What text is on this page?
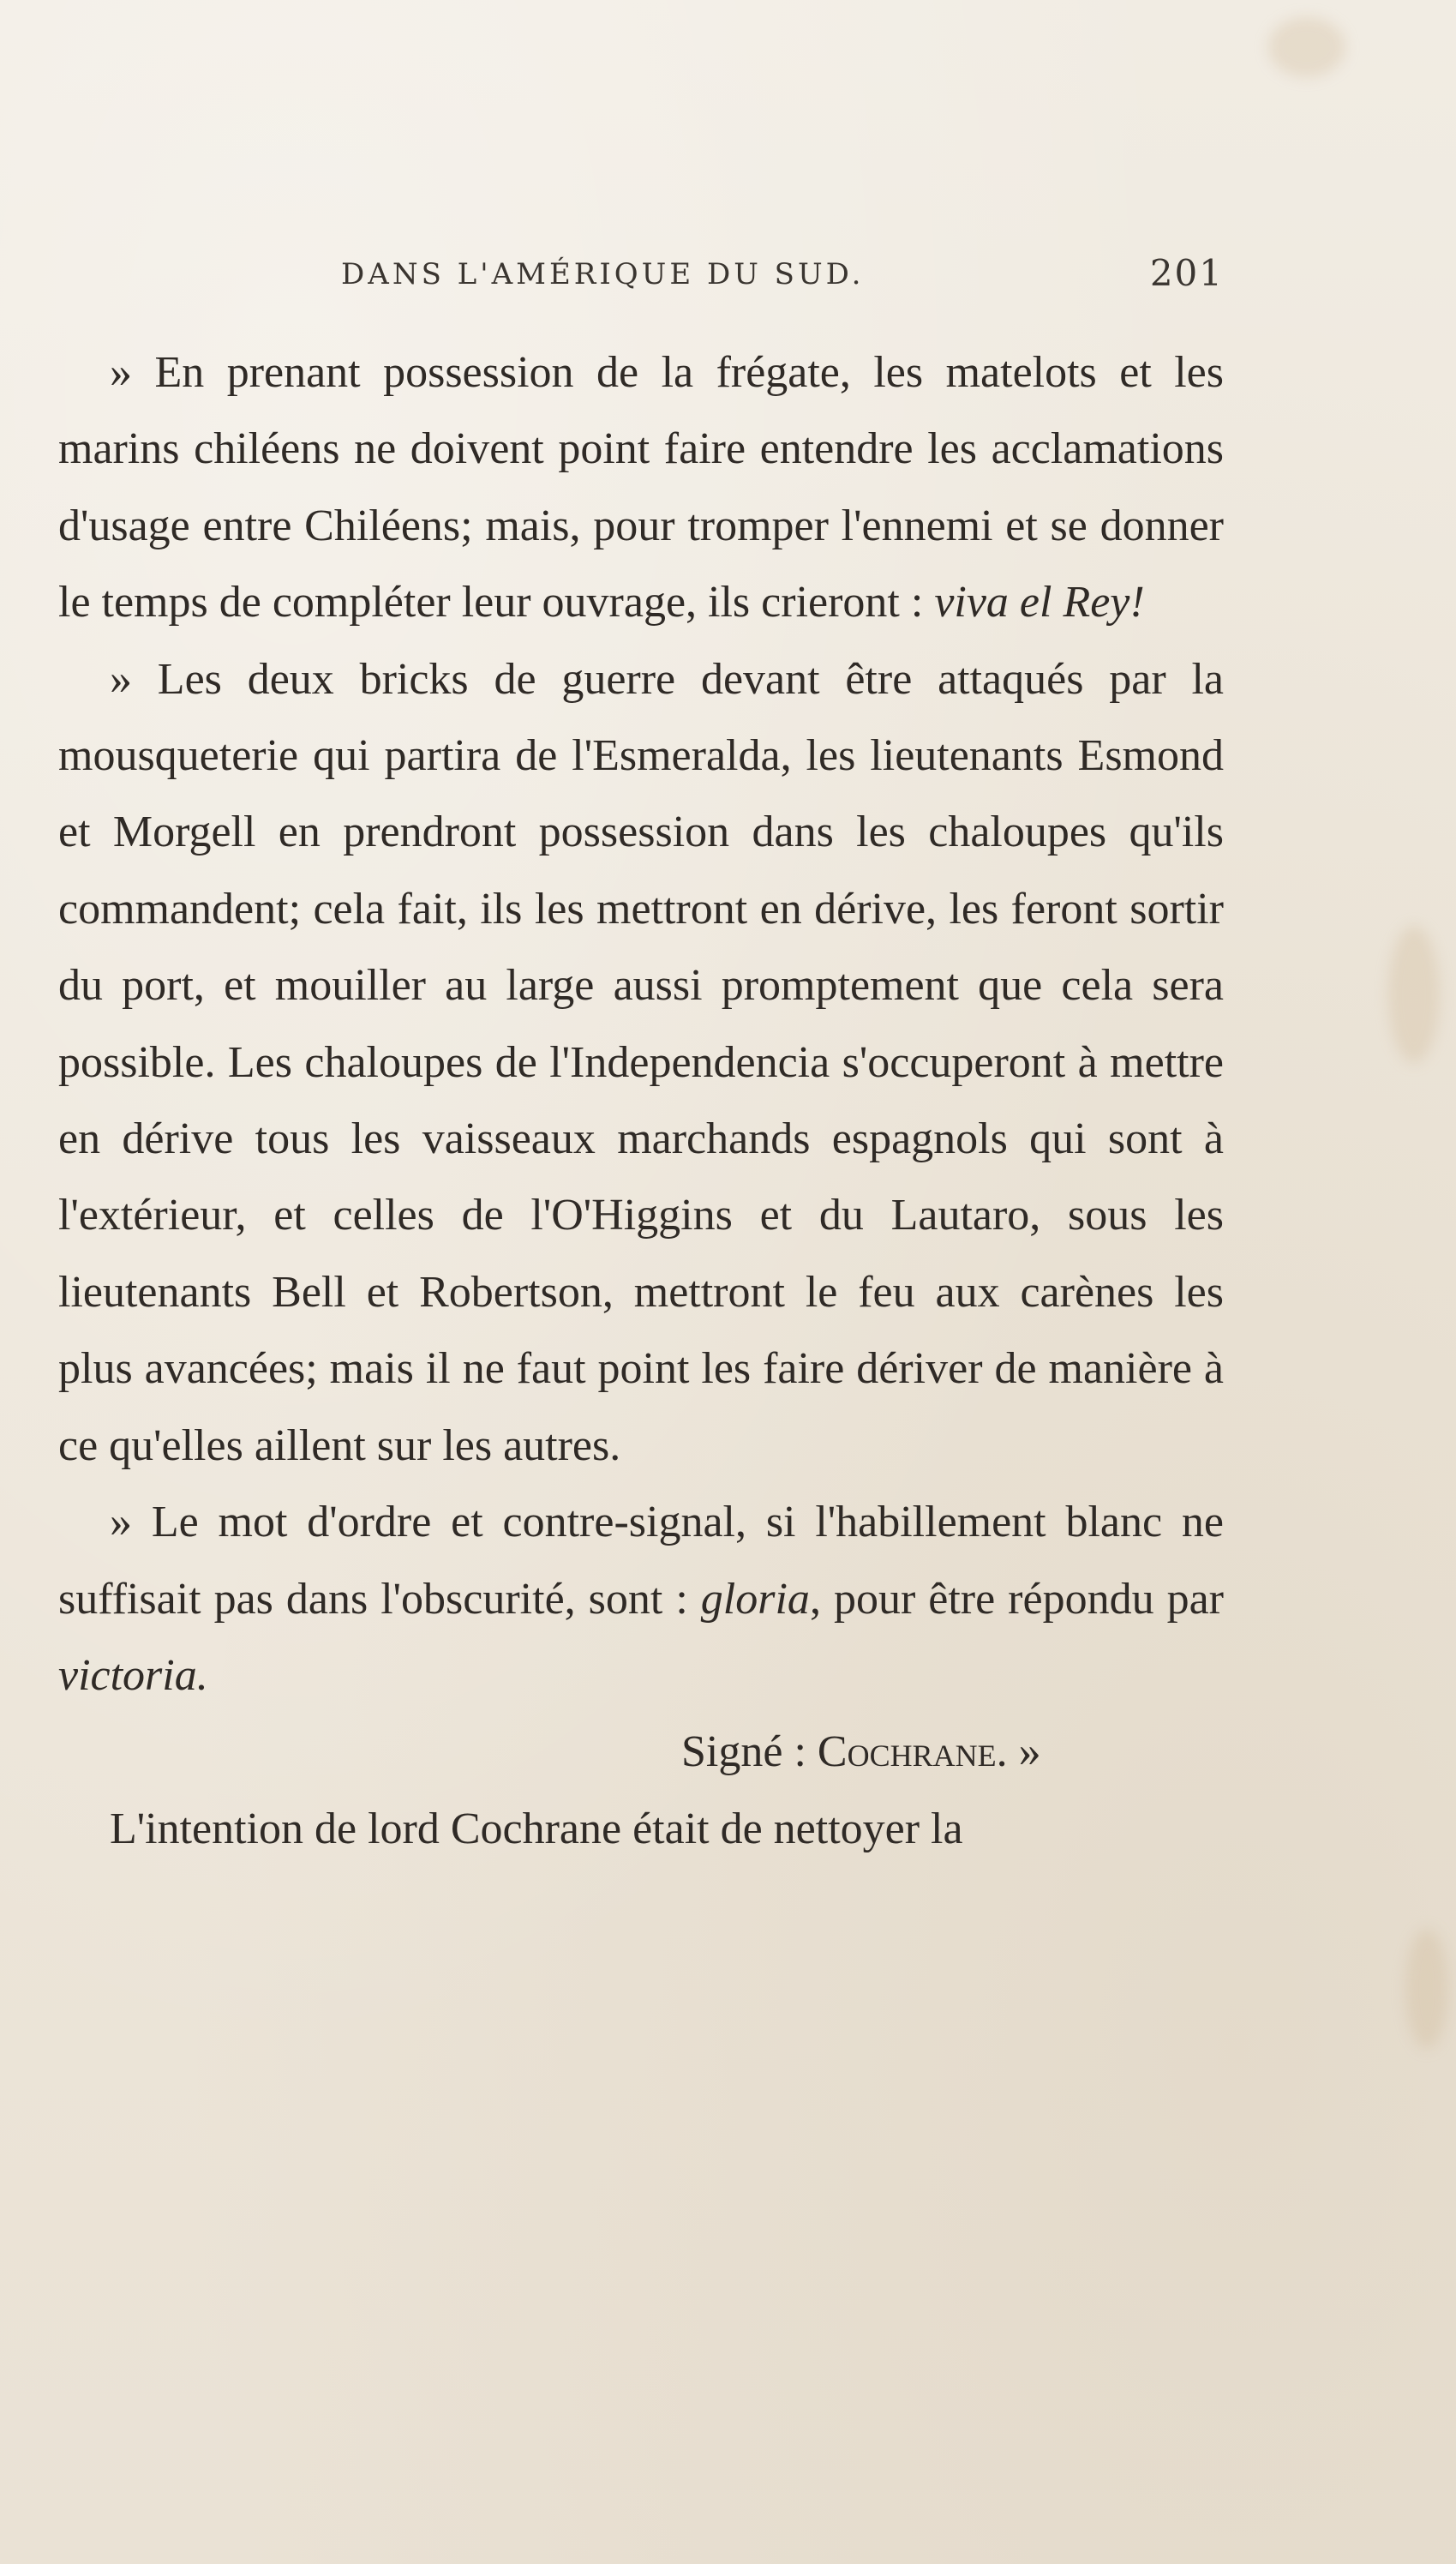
DANS L'AMÉRIQUE DU SUD.	201

» En prenant possession de la frégate, les matelots et les marins chiléens ne doivent point faire entendre les acclamations d'usage entre Chiléens; mais, pour tromper l'ennemi et se donner le temps de compléter leur ouvrage, ils crieront : viva el Rey!

» Les deux bricks de guerre devant être attaqués par la mousqueterie qui partira de l'Esmeralda, les lieutenants Esmond et Morgell en prendront possession dans les chaloupes qu'ils commandent; cela fait, ils les mettront en dérive, les feront sortir du port, et mouiller au large aussi promptement que cela sera possible. Les chaloupes de l'Independencia s'occuperont à mettre en dérive tous les vaisseaux marchands espagnols qui sont à l'extérieur, et celles de l'O'Higgins et du Lautaro, sous les lieutenants Bell et Robertson, mettront le feu aux carènes les plus avancées; mais il ne faut point les faire dériver de manière à ce qu'elles aillent sur les autres.

» Le mot d'ordre et contre-signal, si l'habillement blanc ne suffisait pas dans l'obscurité, sont : gloria, pour être répondu par victoria.

Signé : Cochrane. »

L'intention de lord Cochrane était de nettoyer la
